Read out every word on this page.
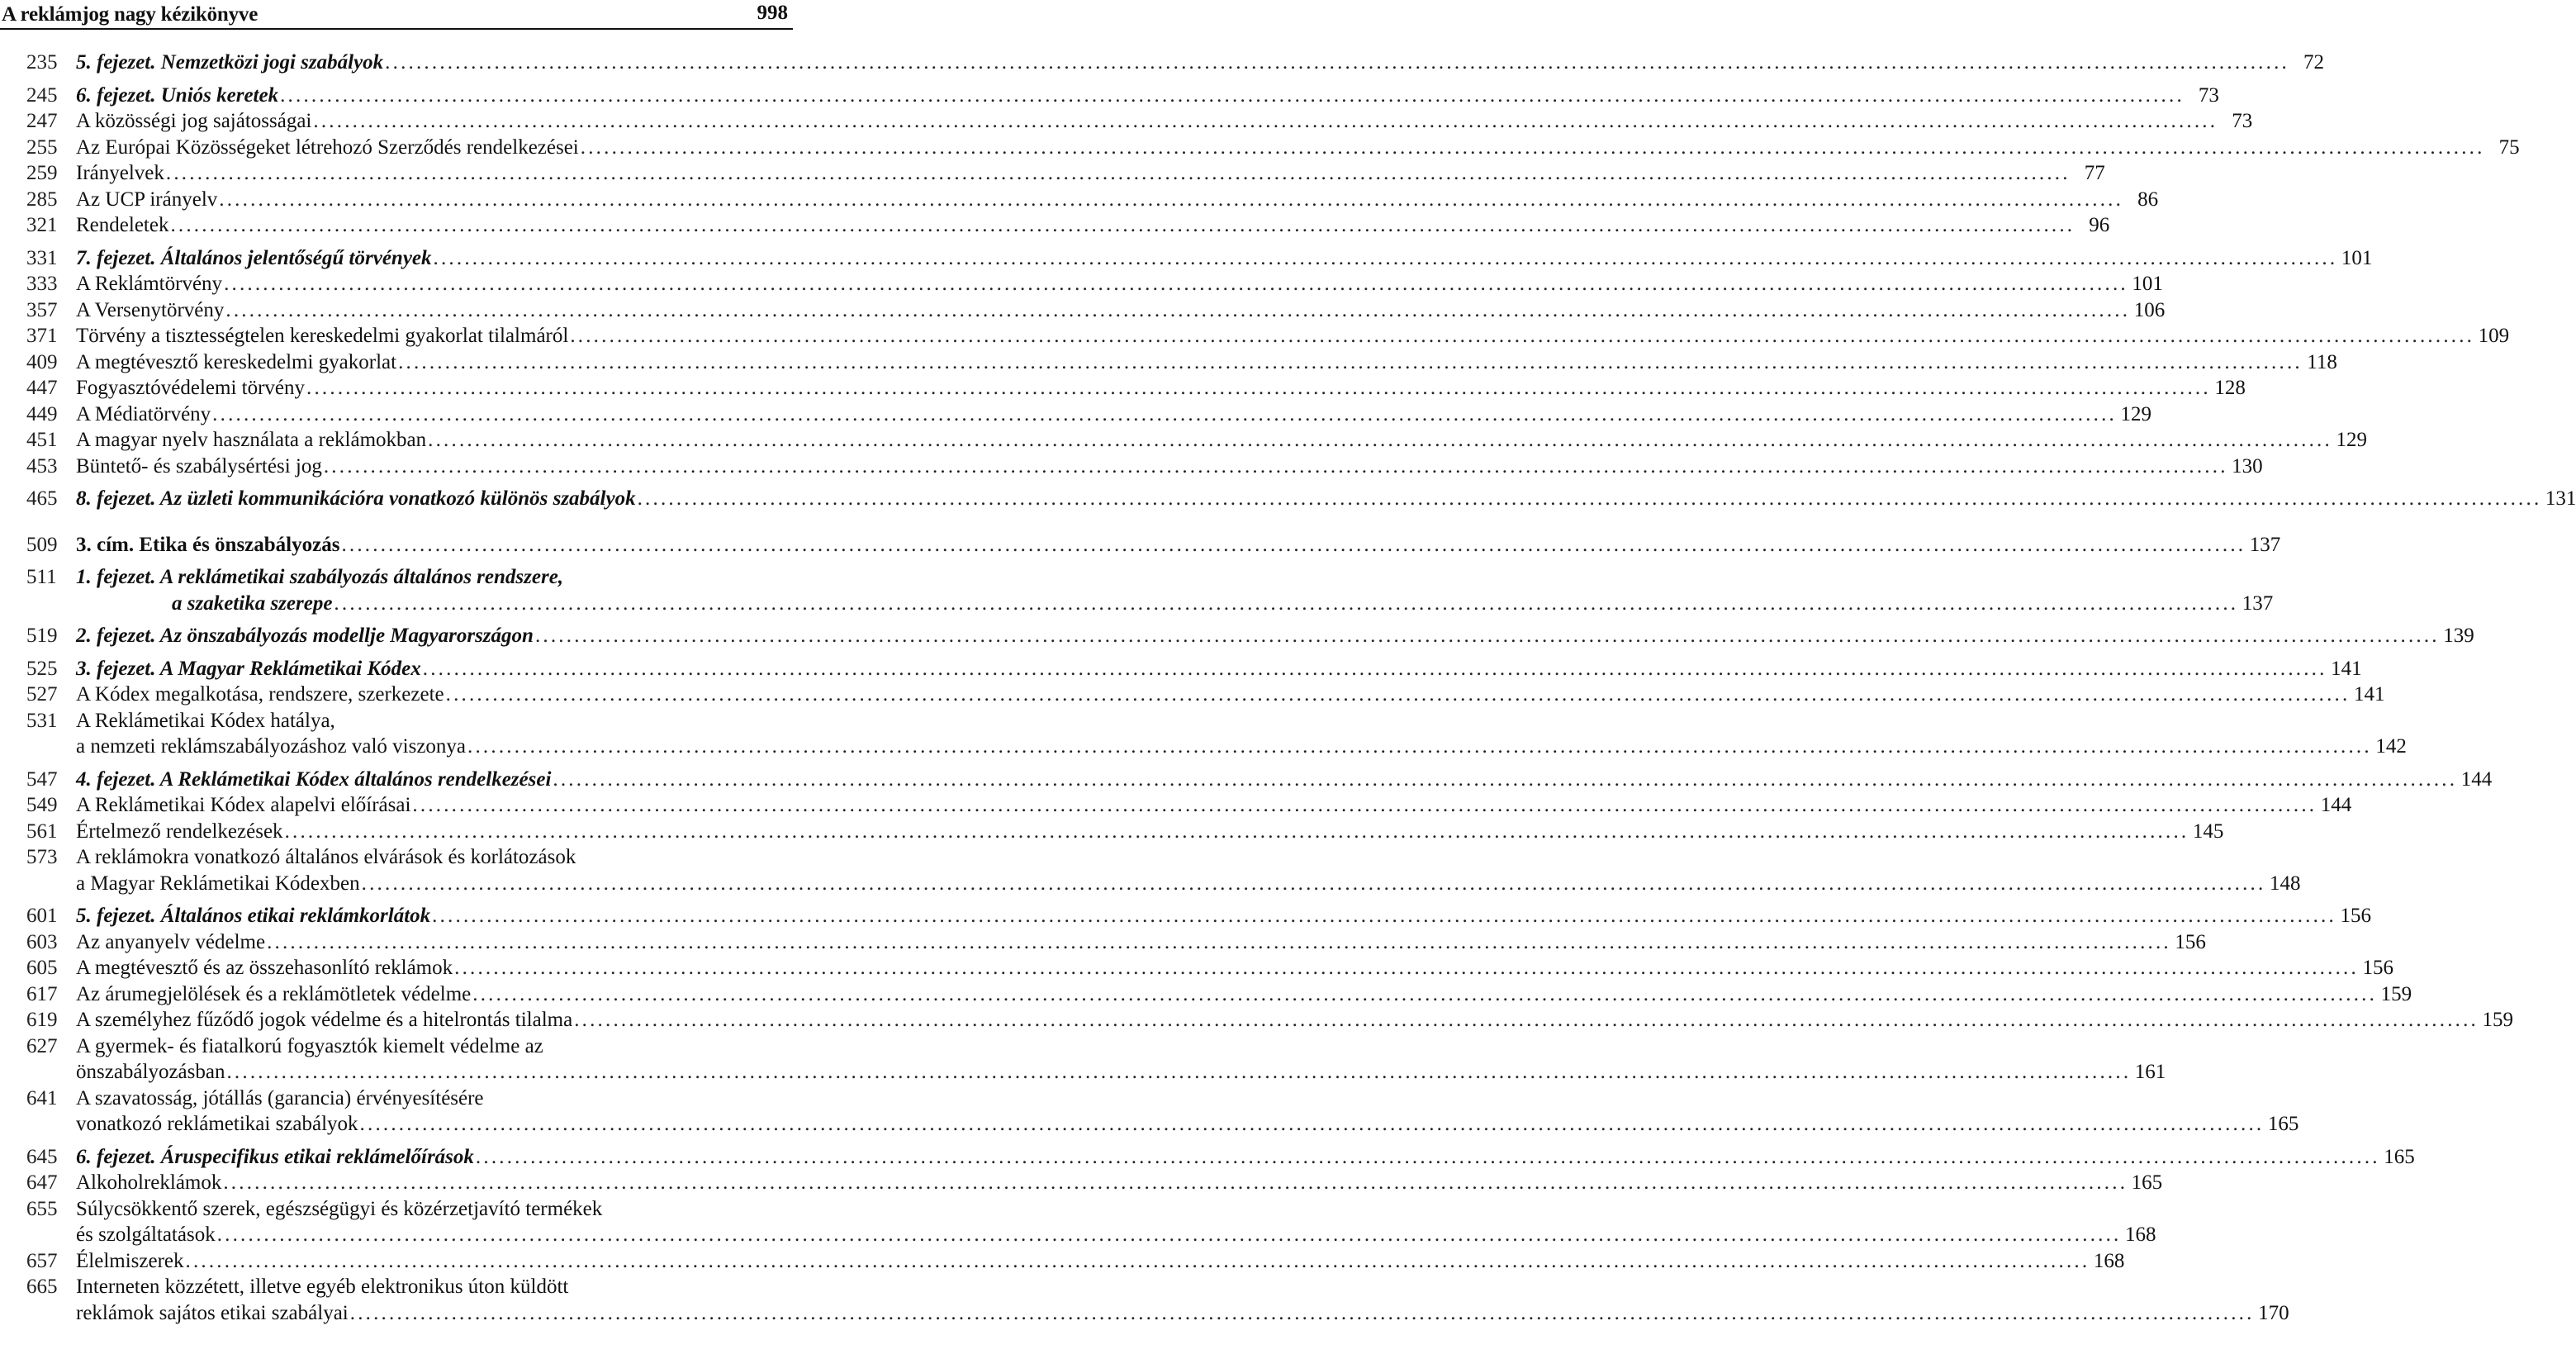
A reklámjog nagy kézikönyve	998
235 5. fejezet. Nemzetközi jogi szabályok .....	72
245 6. fejezet. Uniós keretek .....	73
247 A közösségi jog sajátosságai .....	73
255 Az Európai Közösségeket létrehozó Szerződés rendelkezései .....	75
259 Irányelvek .....	77
285 Az UCP irányelv .....	86
321 Rendeletek .....	96
331 7. fejezet. Általános jelentőségű törvények .....	101
333 A Reklámtörvény .....	101
357 A Versenytörvény .....	106
371 Törvény a tisztességtelen kereskedelmi gyakorlat tilalmáról .....	109
409 A megtévesztő kereskedelmi gyakorlat .....	118
447 Fogyasztóvédelemi törvény .....	128
449 A Médiatörvény .....	129
451 A magyar nyelv használata a reklámokban .....	129
453 Büntető- és szabálysértési jog .....	130
465 8. fejezet. Az üzleti kommunikációra vonatkozó különös szabályok .....	131
509 3. cím. Etika és önszabályozás .....	137
511 1. fejezet. A reklámetikai szabályozás általános rendszere,
a szaketika szerepe .....	137
519 2. fejezet. Az önszabályozás modellje Magyarországon .....	139
525 3. fejezet. A Magyar Reklámetikai Kódex .....	141
527 A Kódex megalkotása, rendszere, szerkezete .....	141
531 A Reklámetikai Kódex hatálya,
a nemzeti reklámszabályozáshoz való viszonya .....	142
547 4. fejezet. A Reklámetikai Kódex általános rendelkezései .....	144
549 A Reklámetikai Kódex alapelvi előírásai .....	144
561 Értelmező rendelkezések .....	145
573 A reklámokra vonatkozó általános elvárások és korlátozások
a Magyar Reklámetikai Kódexben .....	148
601 5. fejezet. Általános etikai reklámkorlátok .....	156
603 Az anyanyelv védelme .....	156
605 A megtévesztő és az összehasonlító reklámok .....	156
617 Az árumegjelölések és a reklámötletek védelme .....	159
619 A személyhez fűződő jogok védelme és a hitelrontás tilalma .....	159
627 A gyermek- és fiatalkorú fogyasztók kiemelt védelme az
önszabályozásban .....	161
641 A szavatosság, jótállás (garancia) érvényesítésére
vonatkozó reklámetikai szabályok .....	165
645 6. fejezet. Áruspecifikus etikai reklámelőírások .....	165
647 Alkoholreklámok .....	165
655 Súlycsökkentő szerek, egészségügyi és közérzetjavító termékek
és szolgáltatások .....	168
657 Élelmiszerek .....	168
665 Interneten közzétett, illetve egyéb elektronikus úton küldött
reklámok sajátos etikai szabályai .....	170
